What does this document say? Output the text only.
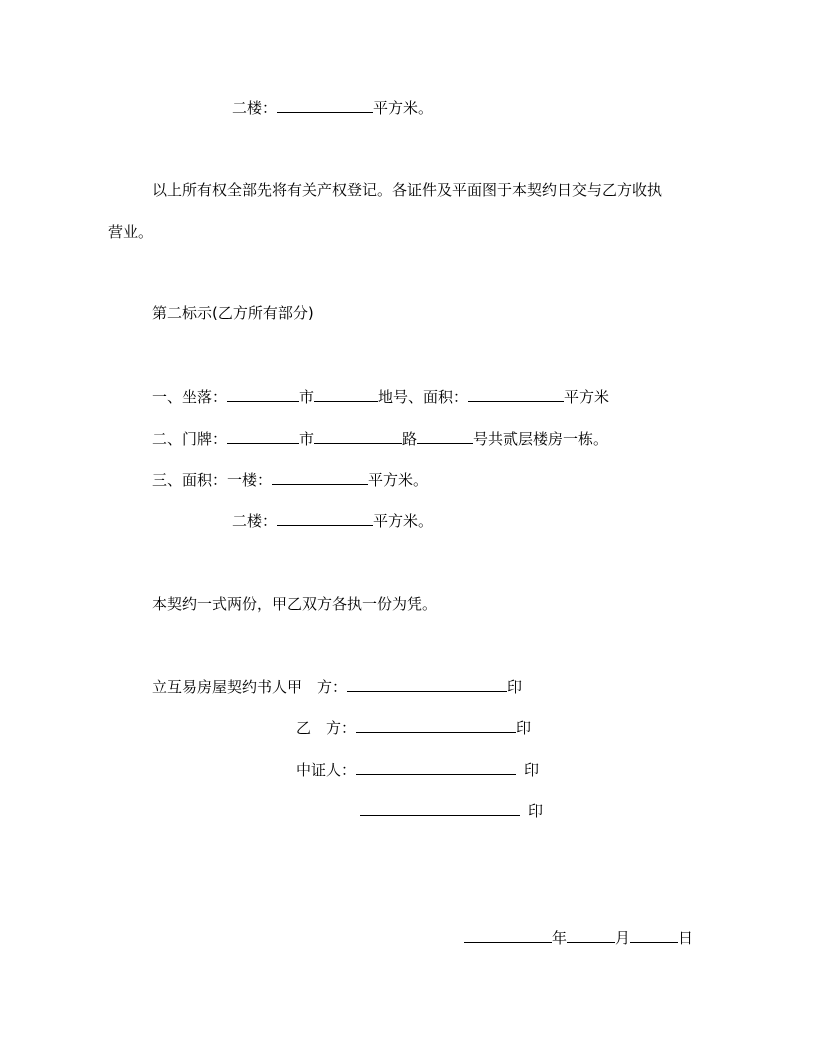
二楼：	平方米。
以上所有权全部先将有关产权登记。各证件及平面图于本契约日交与乙方收执
营业。
第二标示(乙方所有部分)
一、坐落：	市	地号、面积：	平方米
二、门牌：	市	路	号共贰层楼房一栋。
三、面积：一楼：	平方米。
二楼：	平方米。
本契约一式两份，甲乙双方各执一份为凭。
立互易房屋契约书人甲　方：	印
乙　方：	印
中证人：	印
印
年	月	日
